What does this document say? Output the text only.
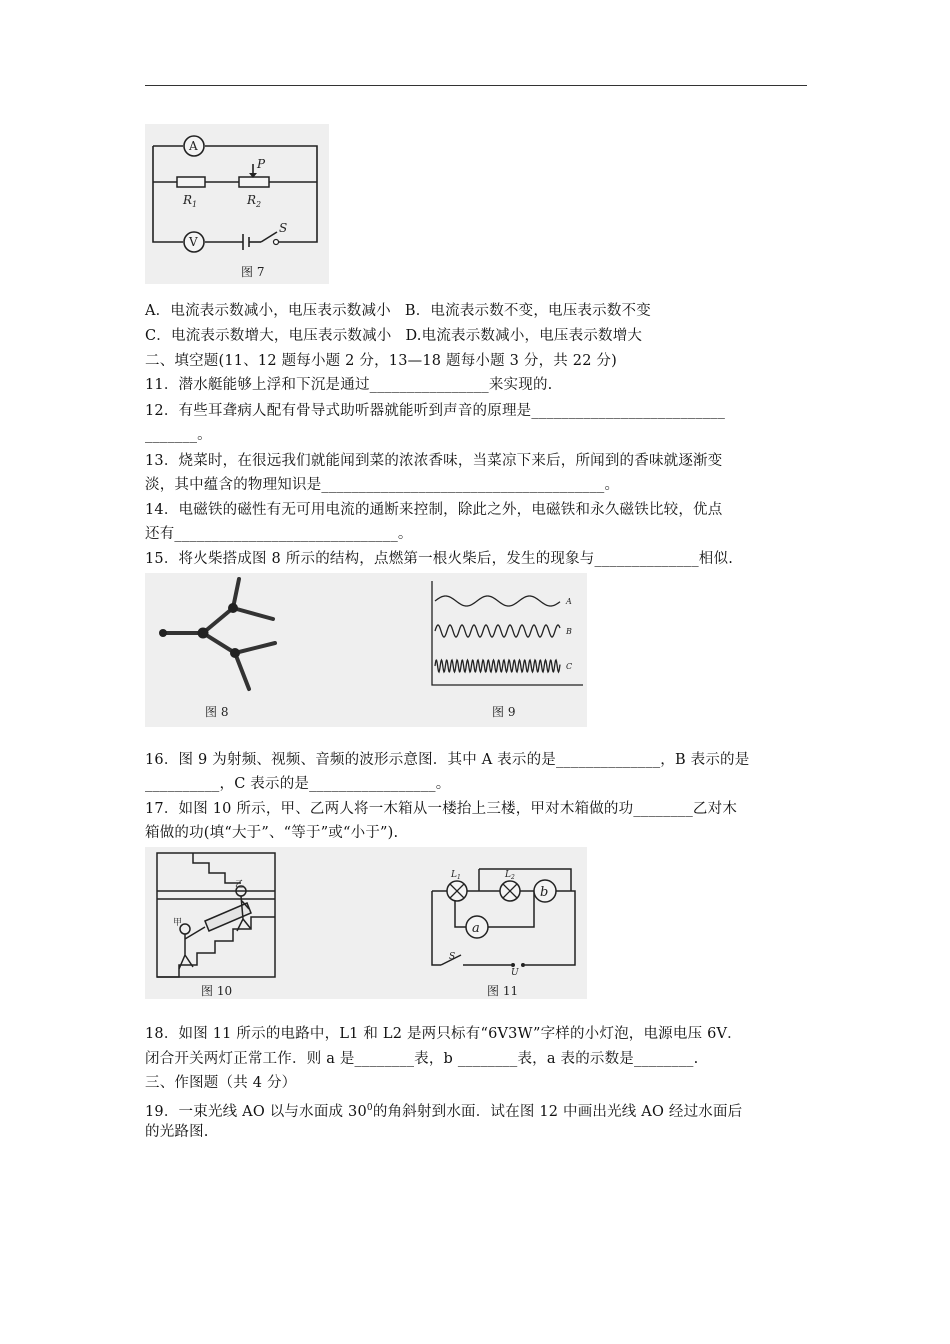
A
V
$R_1$	$R_2$
P
S
图 7
A．电流表示数减小，电压表示数减小 B．电流表示数不变，电压表示数不变
C．电流表示数增大，电压表示数减小 D.电流表示数减小，电压表示数增大
二、填空题(11、12 题每小题 2 分，13—18 题每小题 3 分，共 22 分)
11．潜水艇能够上浮和下沉是通过________________来实现的.
12．有些耳聋病人配有骨导式助听器就能听到声音的原理是__________________________
_______。
13．烧菜时，在很远我们就能闻到菜的浓浓香味，当菜凉下来后，所闻到的香味就逐渐变
淡，其中蕴含的物理知识是______________________________________。
14．电磁铁的磁性有无可用电流的通断来控制，除此之外，电磁铁和永久磁铁比较，优点
还有______________________________。
15．将火柴搭成图 8 所示的结构，点燃第一根火柴后，发生的现象与______________相似.
图 8
A
B
C
图 9
16．图 9 为射频、视频、音频的波形示意图．其中 A 表示的是______________，B 表示的是
__________，C 表示的是_________________。
17．如图 10 所示，甲、乙两人将一木箱从一楼抬上三楼，甲对木箱做的功________乙对木
箱做的功(填“大于”、“等于”或“小于”).
甲
乙
图 10
$L_1$	$L_2$
b
a
S
U
图 11
18．如图 11 所示的电路中，L1 和 L2 是两只标有“6V3W”字样的小灯泡，电源电压 6V．
闭合开关两灯正常工作．则 a 是________表，b ________表，a 表的示数是________.
三、作图题（共 4 分）
19．一束光线 AO 以与水面成 $30^0$的角斜射到水面．试在图 12 中画出光线 AO 经过水面后
的光路图.
